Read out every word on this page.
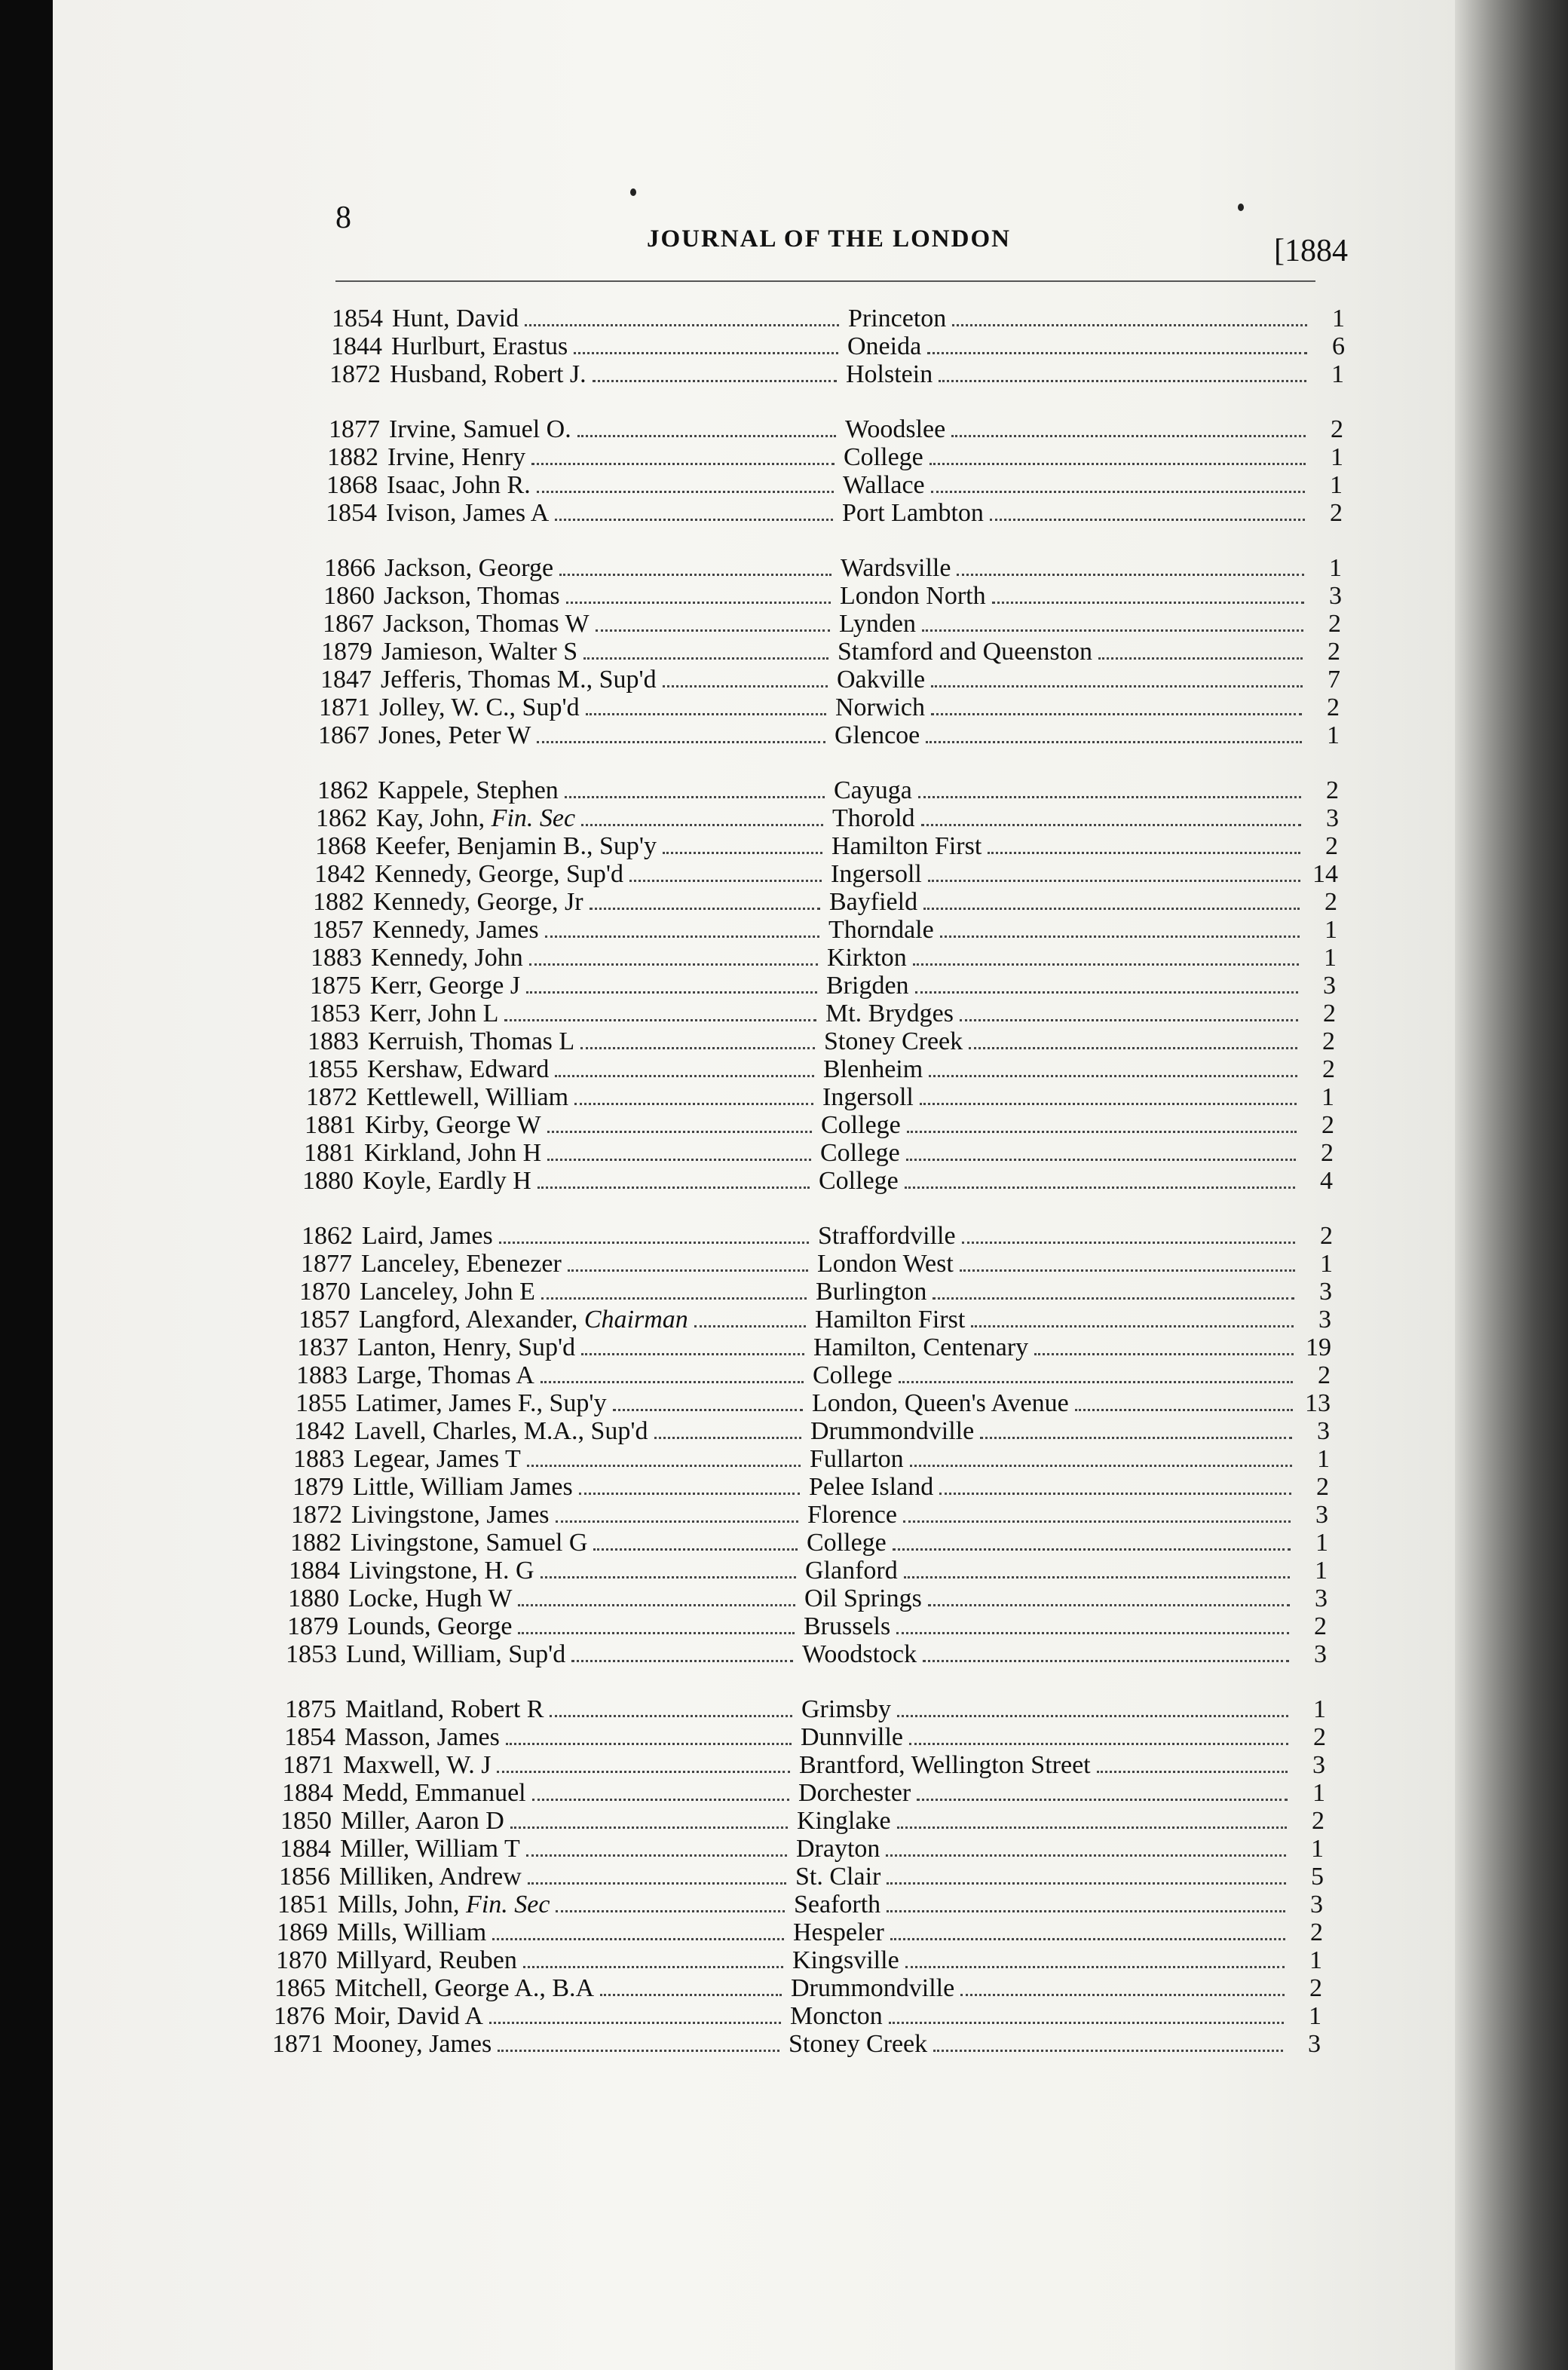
8
JOURNAL OF THE LONDON	[1884
1854 Hunt, David	Princeton	1
1844 Hurlburt, Erastus	Oneida	6
1872 Husband, Robert J.	Holstein	1
1877 Irvine, Samuel O.	Woodslee	2
1882 Irvine, Henry	College	1
1868 Isaac, John R.	Wallace	1
1854 Ivison, James A	Port Lambton	2
1866 Jackson, George	Wardsville	1
1860 Jackson, Thomas	London North	3
1867 Jackson, Thomas W	Lynden	2
1879 Jamieson, Walter S	Stamford and Queenston	2
1847 Jefferis, Thomas M., Sup'd	Oakville	7
1871 Jolley, W. C., Sup'd	Norwich	2
1867 Jones, Peter W	Glencoe	1
1862 Kappele, Stephen	Cayuga	2
1862 Kay, John, Fin. Sec	Thorold	3
1868 Keefer, Benjamin B., Sup'y	Hamilton First	2
1842 Kennedy, George, Sup'd	Ingersoll	14
1882 Kennedy, George, Jr	Bayfield	2
1857 Kennedy, James	Thorndale	1
1883 Kennedy, John	Kirkton	1
1875 Kerr, George J	Brigden	3
1853 Kerr, John L	Mt. Brydges	2
1883 Kerruish, Thomas L	Stoney Creek	2
1855 Kershaw, Edward	Blenheim	2
1872 Kettlewell, William	Ingersoll	1
1881 Kirby, George W	College	2
1881 Kirkland, John H	College	2
1880 Koyle, Eardly H	College	4
1862 Laird, James	Straffordville	2
1877 Lanceley, Ebenezer	London West	1
1870 Lanceley, John E	Burlington	3
1857 Langford, Alexander, Chairman	Hamilton First	3
1837 Lanton, Henry, Sup'd	Hamilton, Centenary	19
1883 Large, Thomas A	College	2
1855 Latimer, James F., Sup'y	London, Queen's Avenue	13
1842 Lavell, Charles, M.A., Sup'd	Drummondville	3
1883 Legear, James T	Fullarton	1
1879 Little, William James	Pelee Island	2
1872 Livingstone, James	Florence	3
1882 Livingstone, Samuel G	College	1
1884 Livingstone, H. G	Glanford	1
1880 Locke, Hugh W	Oil Springs	3
1879 Lounds, George	Brussels	2
1853 Lund, William, Sup'd	Woodstock	3
1875 Maitland, Robert R	Grimsby	1
1854 Masson, James	Dunnville	2
1871 Maxwell, W. J	Brantford, Wellington Street	3
1884 Medd, Emmanuel	Dorchester	1
1850 Miller, Aaron D	Kinglake	2
1884 Miller, William T	Drayton	1
1856 Milliken, Andrew	St. Clair	5
1851 Mills, John, Fin. Sec	Seaforth	3
1869 Mills, William	Hespeler	2
1870 Millyard, Reuben	Kingsville	1
1865 Mitchell, George A., B.A	Drummondville	2
1876 Moir, David A	Moncton	1
1871 Mooney, James	Stoney Creek	3
